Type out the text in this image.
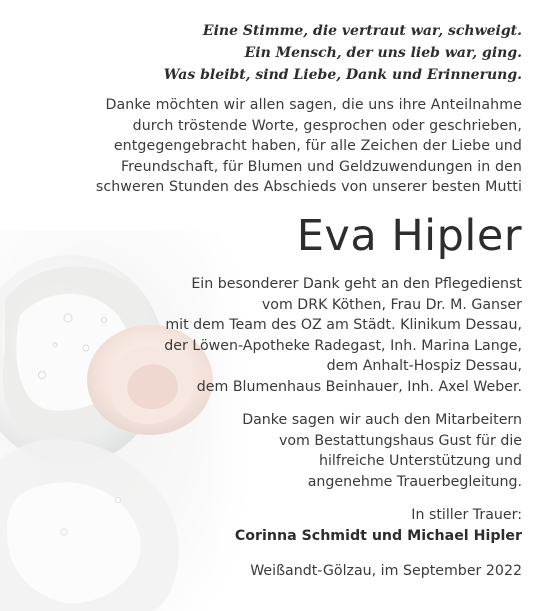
Eine Stimme, die vertraut war, schweigt.
Ein Mensch, der uns lieb war, ging.
Was bleibt, sind Liebe, Dank und Erinnerung.
Danke möchten wir allen sagen, die uns ihre Anteilnahme
durch tröstende Worte, gesprochen oder geschrieben,
entgegengebracht haben, für alle Zeichen der Liebe und
Freundschaft, für Blumen und Geldzuwendungen in den
schweren Stunden des Abschieds von unserer besten Mutti
Eva Hipler
Ein besonderer Dank geht an den Pflegedienst
vom DRK Köthen, Frau Dr. M. Ganser
mit dem Team des OZ am Städt. Klinikum Dessau,
der Löwen-Apotheke Radegast, Inh. Marina Lange,
dem Anhalt-Hospiz Dessau,
dem Blumenhaus Beinhauer, Inh. Axel Weber.
Danke sagen wir auch den Mitarbeitern
vom Bestattungshaus Gust für die
hilfreiche Unterstützung und
angenehme Trauerbegleitung.
In stiller Trauer:
Corinna Schmidt und Michael Hipler
Weißandt-Gölzau, im September 2022
